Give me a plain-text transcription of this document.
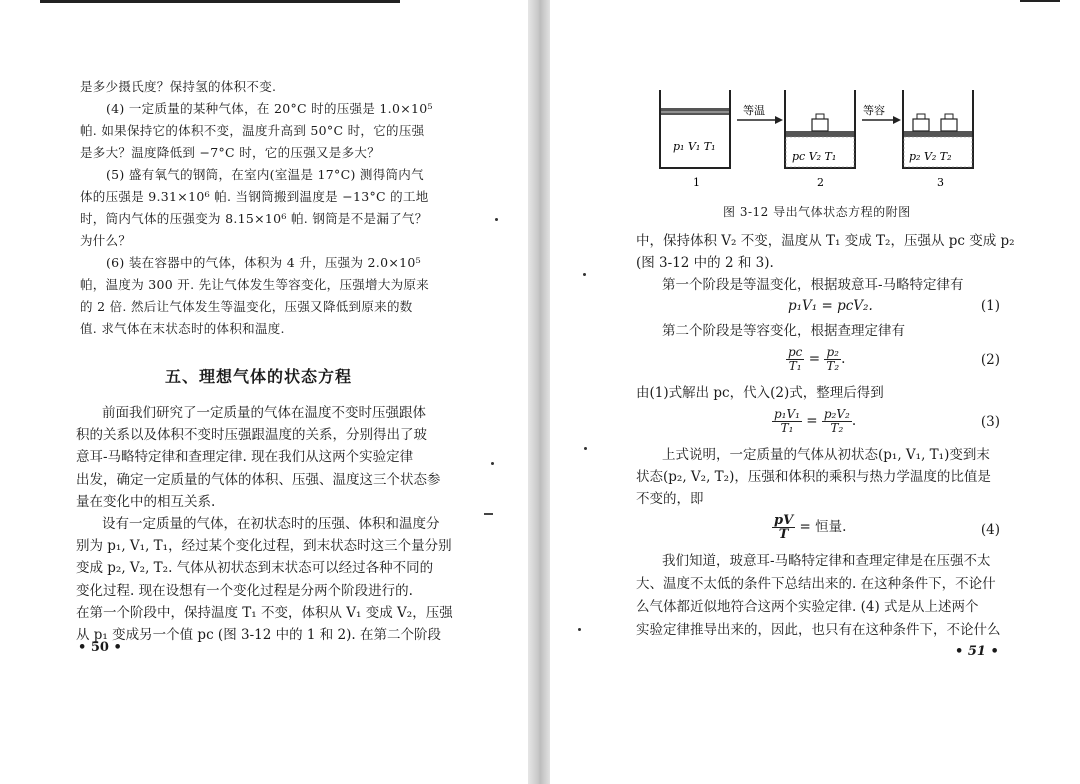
是多少摄氏度？保持氢的体积不变.
(4) 一定质量的某种气体，在 20°C 时的压强是 1.0×10⁵
帕. 如果保持它的体积不变，温度升高到 50°C 时，它的压强
是多大？温度降低到 −7°C 时，它的压强又是多大？
(5) 盛有氧气的钢筒，在室内(室温是 17°C) 测得筒内气
体的压强是 9.31×10⁶ 帕. 当钢筒搬到温度是 −13°C 的工地
时，筒内气体的压强变为 8.15×10⁶ 帕. 钢筒是不是漏了气？
为什么？
(6) 装在容器中的气体，体积为 4 升，压强为 2.0×10⁵
帕，温度为 300 开. 先让气体发生等容变化，压强增大为原来
的 2 倍. 然后让气体发生等温变化，压强又降低到原来的数
值. 求气体在末状态时的体积和温度.
五、理想气体的状态方程
前面我们研究了一定质量的气体在温度不变时压强跟体
积的关系以及体积不变时压强跟温度的关系，分别得出了玻
意耳-马略特定律和查理定律. 现在我们从这两个实验定律
出发，确定一定质量的气体的体积、压强、温度这三个状态参
量在变化中的相互关系.
设有一定质量的气体，在初状态时的压强、体积和温度分
别为 p₁, V₁, T₁，经过某个变化过程，到末状态时这三个量分别
变成 p₂, V₂, T₂. 气体从初状态到末状态可以经过各种不同的
变化过程. 现在设想有一个变化过程是分两个阶段进行的.
在第一个阶段中，保持温度 T₁ 不变，体积从 V₁ 变成 V₂，压强
从 p₁ 变成另一个值 pc (图 3-12 中的 1 和 2). 在第二个阶段
• 50 •
p₁ V₁ T₁
等温
pc V₂ T₁
等容
p₂ V₂ T₂
1	2	3
图 3-12 导出气体状态方程的附图
中，保持体积 V₂ 不变，温度从 T₁ 变成 T₂，压强从 pc 变成 p₂
(图 3-12 中的 2 和 3).
第一个阶段是等温变化，根据玻意耳-马略特定律有
p₁V₁ = pcV₂.	(1)
第二个阶段是等容变化，根据查理定律有
$\frac{pc}{\text{T₁}} = \frac{\text{p₂}}{\text{T₂}}$ .	(2)
由(1)式解出 pc，代入(2)式，整理后得到
$\frac{\text{p₁V₁}}{\text{T₁}} = \frac{\text{p₂V₂}}{\text{T₂}}$ .	(3)
上式说明，一定质量的气体从初状态(p₁, V₁, T₁)变到末
状态(p₂, V₂, T₂)，压强和体积的乘积与热力学温度的比值是
不变的，即
$\frac{pV}{T}$ = 恒量.	(4)
我们知道，玻意耳-马略特定律和查理定律是在压强不太
大、温度不太低的条件下总结出来的. 在这种条件下，不论什
么气体都近似地符合这两个实验定律. (4) 式是从上述两个
实验定律推导出来的，因此，也只有在这种条件下，不论什么
• 51 •
